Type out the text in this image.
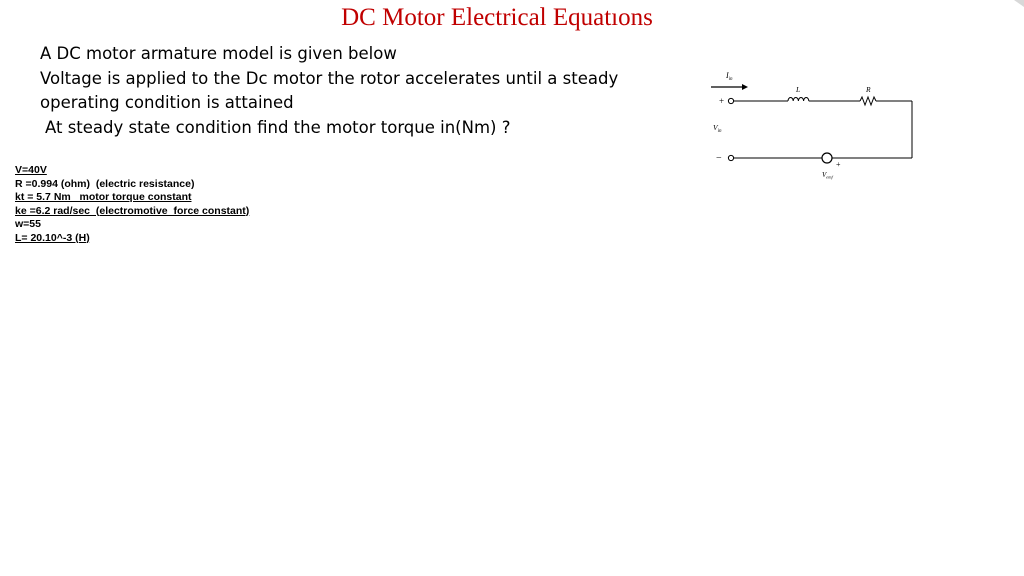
DC Motor Electrical Equatıons
A DC motor armature model is given below
Voltage is applied to the Dc motor the rotor accelerates until a steady
operating condition is attained
At steady state condition find the motor torque in(Nm) ?
V=40V
R =0.994 (ohm)  (electric resistance)
kt = 5.7 Nm   motor torque constant
ke =6.2 rad/sec  (electromotive  force constant)
w=55
L= 20.10^-3 (H)
$I_{in}$
+
L	R
+
$V_{emf}$
−
$V_{in}$
